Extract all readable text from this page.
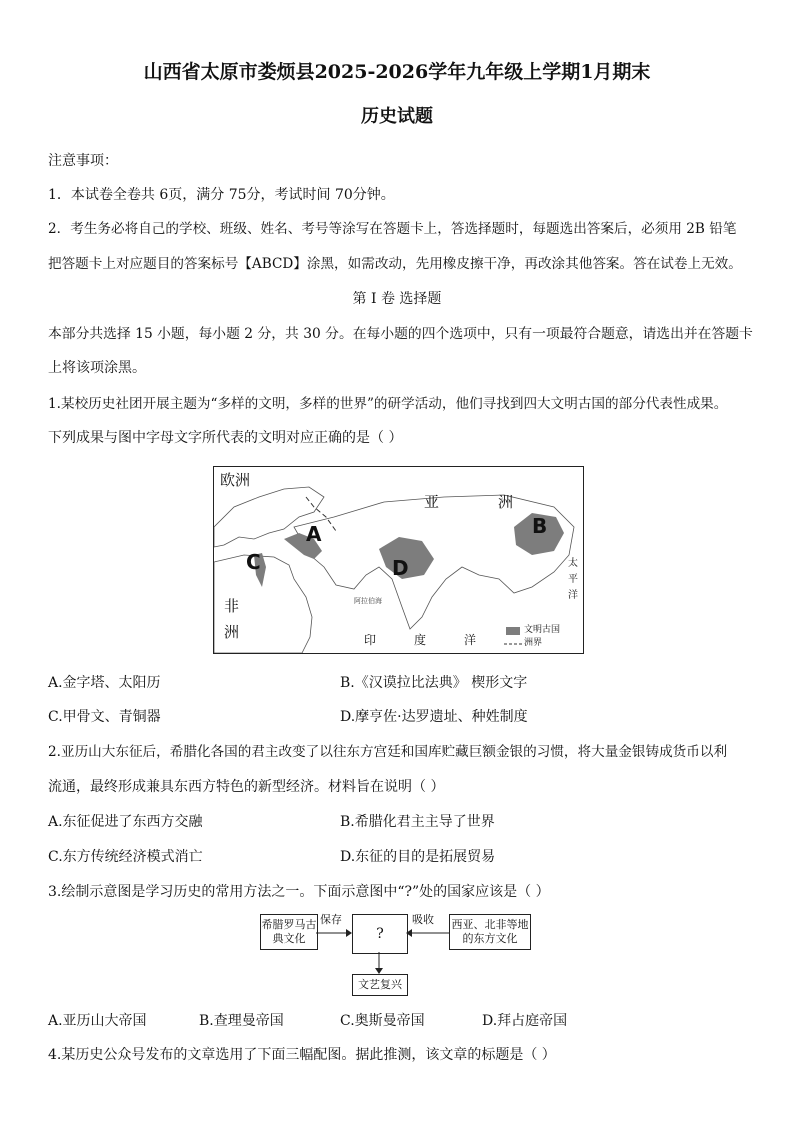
山西省太原市娄烦县2025-2026学年九年级上学期1月期末
历史试题
注意事项：
1．本试卷全卷共 6页，满分 75分，考试时间 70分钟。
2．考生务必将自己的学校、班级、姓名、考号等涂写在答题卡上，答选择题时，每题选出答案后，必须用 2B 铅笔
把答题卡上对应题目的答案标号【ABCD】涂黑，如需改动，先用橡皮擦干净，再改涂其他答案。答在试卷上无效。
第 I 卷 选择题
本部分共选择 15 小题，每小题 2 分，共 30 分。在每小题的四个选项中，只有一项最符合题意，请选出并在答题卡
上将该项涂黑。
1.某校历史社团开展主题为“多样的文明，多样的世界”的研学活动，他们寻找到四大文明古国的部分代表性成果。
下列成果与图中字母文字所代表的文明对应正确的是（ ）
欧洲
亚	洲
非
洲	印	度	洋
太
平
洋
阿拉伯海
A	B
C	D
文明古国
洲界
A.金字塔、太阳历	B.《汉谟拉比法典》 楔形文字
C.甲骨文、青铜器	D.摩亨佐·达罗遗址、种姓制度
2.亚历山大东征后，希腊化各国的君主改变了以往东方宫廷和国库贮藏巨额金银的习惯，将大量金银铸成货币以利
流通，最终形成兼具东西方特色的新型经济。材料旨在说明（ ）
A.东征促进了东西方交融	B.希腊化君主主导了世界
C.东方传统经济模式消亡	D.东征的目的是拓展贸易
3.绘制示意图是学习历史的常用方法之一。下面示意图中“?”处的国家应该是（ ）
希腊罗马古典文化	?
西亚、北非等地的东方文化
文艺复兴
保存	吸收
A.亚历山大帝国	B.查理曼帝国	C.奥斯曼帝国	D.拜占庭帝国
4.某历史公众号发布的文章选用了下面三幅配图。据此推测，该文章的标题是（ ）
